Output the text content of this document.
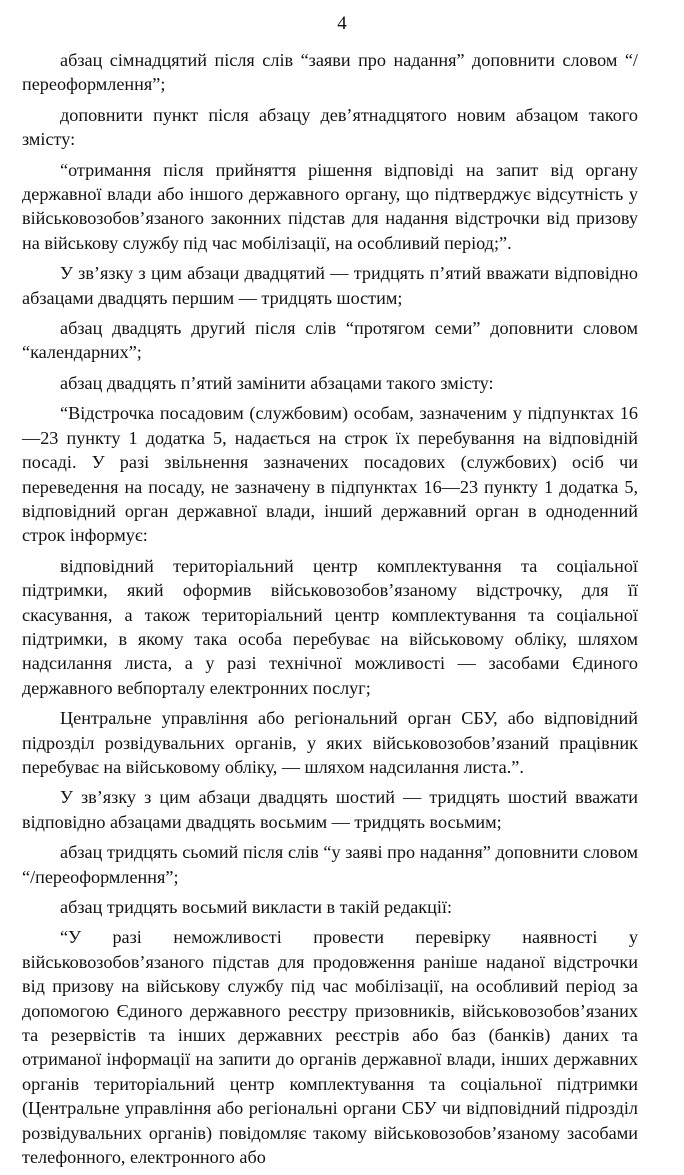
4

абзац сімнадцятий після слів “заяви про надання” доповнити словом “/переоформлення”;

доповнити пункт після абзацу дев’ятнадцятого новим абзацом такого змісту:

“отримання після прийняття рішення відповіді на запит від органу державної влади або іншого державного органу, що підтверджує відсутність у військовозобов’язаного законних підстав для надання відстрочки від призову на військову службу під час мобілізації, на особливий період;”.

У зв’язку з цим абзаци двадцятий — тридцять п’ятий вважати відповідно абзацами двадцять першим — тридцять шостим;

абзац двадцять другий після слів “протягом семи” доповнити словом “календарних”;

абзац двадцять п’ятий замінити абзацами такого змісту:

“Відстрочка посадовим (службовим) особам, зазначеним у підпунктах 16—23 пункту 1 додатка 5, надається на строк їх перебування на відповідній посаді. У разі звільнення зазначених посадових (службових) осіб чи переведення на посаду, не зазначену в підпунктах 16—23 пункту 1 додатка 5, відповідний орган державної влади, інший державний орган в одноденний строк інформує:

відповідний територіальний центр комплектування та соціальної підтримки, який оформив військовозобов’язаному відстрочку, для її скасування, а також територіальний центр комплектування та соціальної підтримки, в якому така особа перебуває на військовому обліку, шляхом надсилання листа, а у разі технічної можливості — засобами Єдиного державного вебпорталу електронних послуг;

Центральне управління або регіональний орган СБУ, або відповідний підрозділ розвідувальних органів, у яких військовозобов’язаний працівник перебуває на військовому обліку, — шляхом надсилання листа.”.

У зв’язку з цим абзаци двадцять шостий — тридцять шостий вважати відповідно абзацами двадцять восьмим — тридцять восьмим;

абзац тридцять сьомий після слів “у заяві про надання” доповнити словом “/переоформлення”;

абзац тридцять восьмий викласти в такій редакції:

“У разі неможливості провести перевірку наявності у військовозобов’язаного підстав для продовження раніше наданої відстрочки від призову на військову службу під час мобілізації, на особливий період за допомогою Єдиного державного реєстру призовників, військовозобов’язаних та резервістів та інших державних реєстрів або баз (банків) даних та отриманої інформації на запити до органів державної влади, інших державних органів територіальний центр комплектування та соціальної підтримки (Центральне управління або регіональні органи СБУ чи відповідний підрозділ розвідувальних органів) повідомляє такому військовозобов’язаному засобами телефонного, електронного або
